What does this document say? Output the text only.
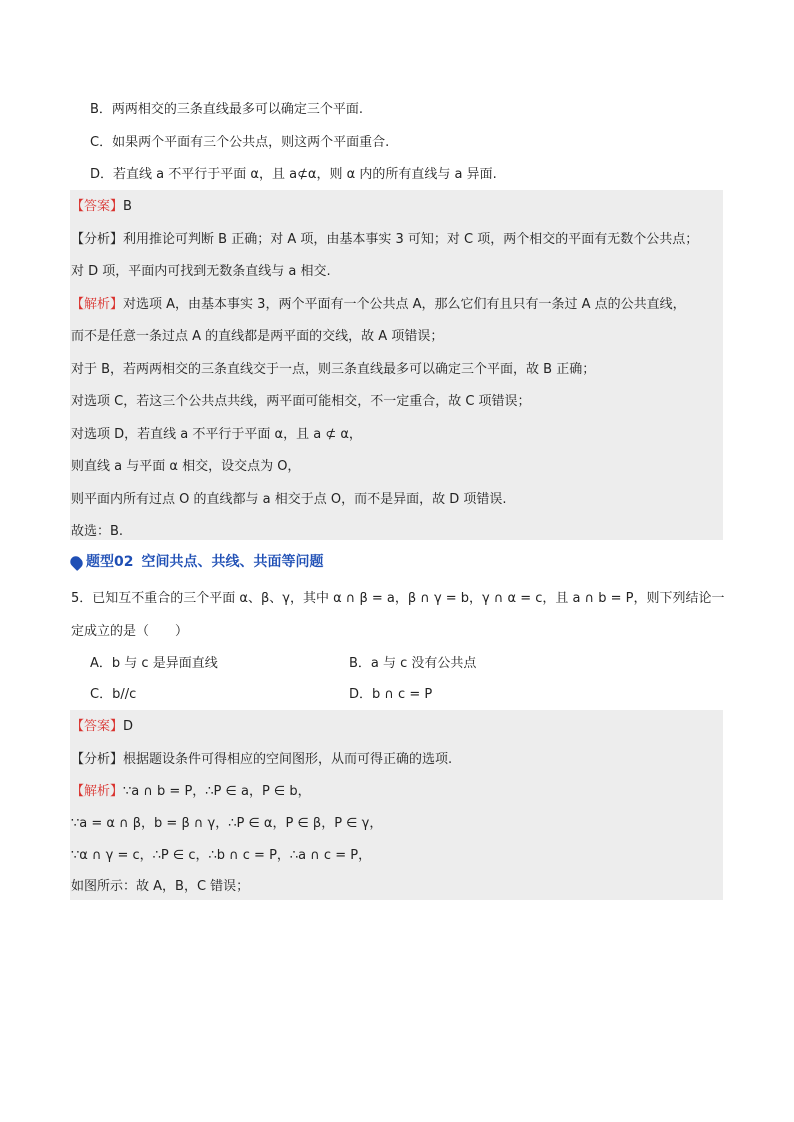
B．两两相交的三条直线最多可以确定三个平面.
C．如果两个平面有三个公共点，则这两个平面重合.
D．若直线 a 不平行于平面 α，且 a⊄α，则 α 内的所有直线与 a 异面.
【答案】B
【分析】利用推论可判断 B 正确；对 A 项，由基本事实 3 可知；对 C 项，两个相交的平面有无数个公共点；
对 D 项，平面内可找到无数条直线与 a 相交.
【解析】对选项 A，由基本事实 3，两个平面有一个公共点 A，那么它们有且只有一条过 A 点的公共直线，
而不是任意一条过点 A 的直线都是两平面的交线，故 A 项错误；
对于 B，若两两相交的三条直线交于一点，则三条直线最多可以确定三个平面，故 B 正确；
对选项 C，若这三个公共点共线，两平面可能相交，不一定重合，故 C 项错误；
对选项 D，若直线 a 不平行于平面 α，且 a ⊄ α，
则直线 a 与平面 α 相交，设交点为 O，
则平面内所有过点 O 的直线都与 a 相交于点 O，而不是异面，故 D 项错误.
故选：B.
题型02 空间共点、共线、共面等问题
5．已知互不重合的三个平面 α、β、γ，其中 α ∩ β = a，β ∩ γ = b，γ ∩ α = c，且 a ∩ b = P，则下列结论一
定成立的是（　　）
A．b 与 c 是异面直线	B．a 与 c 没有公共点
C．b//c	D．b ∩ c = P
【答案】D
【分析】根据题设条件可得相应的空间图形，从而可得正确的选项.
【解析】∵a ∩ b = P，∴P ∈ a，P ∈ b，
∵a = α ∩ β，b = β ∩ γ，∴P ∈ α，P ∈ β，P ∈ γ，
∵α ∩ γ = c，∴P ∈ c，∴b ∩ c = P，∴a ∩ c = P，
如图所示：故 A，B，C 错误；
